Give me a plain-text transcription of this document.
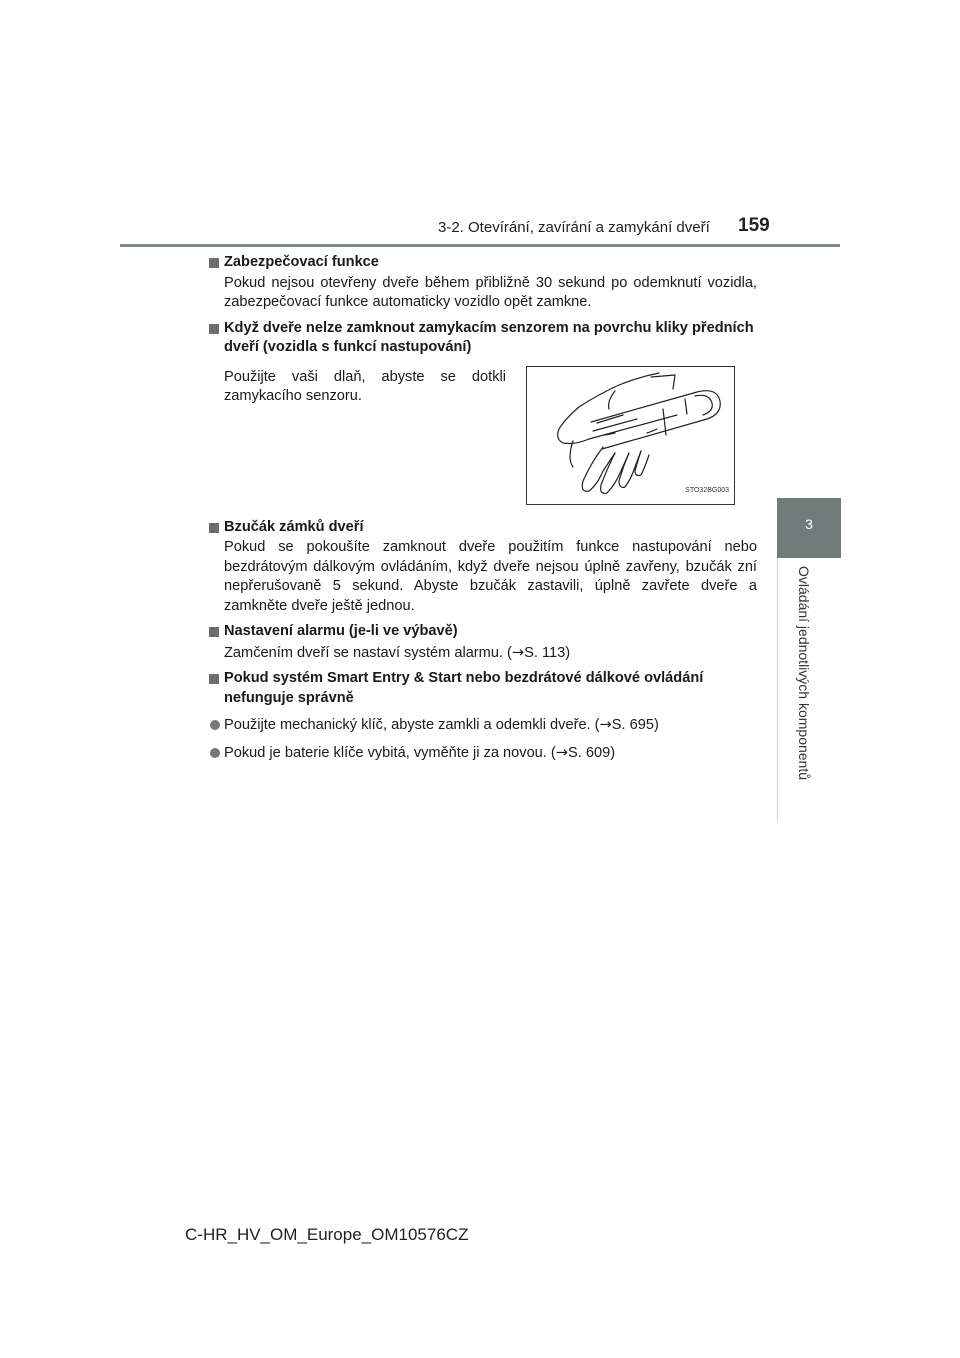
3-2. Otevírání, zavírání a zamykání dveří 159
3
Ovládání jednotlivých komponentů
Zabezpečovací funkce
Pokud nejsou otevřeny dveře během přibližně 30 sekund po odemknutí vozidla, zabezpečovací funkce automaticky vozidlo opět zamkne.
Když dveře nelze zamknout zamykacím senzorem na povrchu kliky předních dveří (vozidla s funkcí nastupování)
Použijte vaši dlaň, abyste se dotkli zamykacího senzoru.
STO32BG003
Bzučák zámků dveří
Pokud se pokoušíte zamknout dveře použitím funkce nastupování nebo bezdrátovým dálkovým ovládáním, když dveře nejsou úplně zavřeny, bzučák zní nepřerušovaně 5 sekund. Abyste bzučák zastavili, úplně zavřete dveře a zamkněte dveře ještě jednou.
Nastavení alarmu (je-li ve výbavě)
Zamčením dveří se nastaví systém alarmu. (→S. 113)
Pokud systém Smart Entry & Start nebo bezdrátové dálkové ovládání nefunguje správně
Použijte mechanický klíč, abyste zamkli a odemkli dveře. (→S. 695)
Pokud je baterie klíče vybitá, vyměňte ji za novou. (→S. 609)
C-HR_HV_OM_Europe_OM10576CZ
